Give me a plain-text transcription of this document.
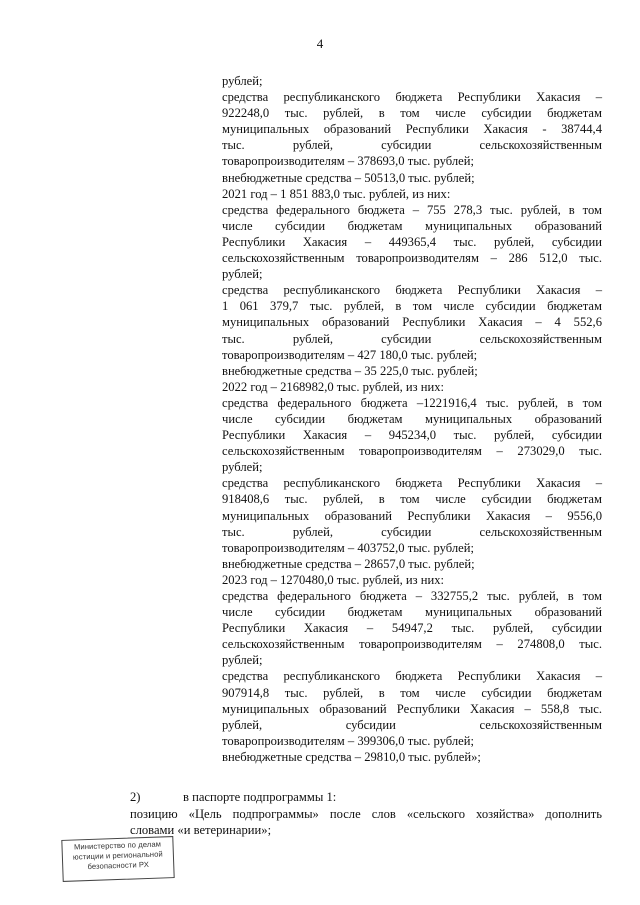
4
рублей;
средства республиканского бюджета Республики Хакасия –
922248,0 тыс. рублей, в том числе субсидии бюджетам
муниципальных образований Республики Хакасия - 38744,4
тыс. рублей, субсидии сельскохозяйственным
товаропроизводителям – 378693,0 тыс. рублей;
внебюджетные средства – 50513,0 тыс. рублей;
2021 год – 1 851 883,0 тыс. рублей, из них:
средства федерального бюджета – 755 278,3 тыс. рублей, в том
числе субсидии бюджетам муниципальных образований
Республики Хакасия – 449365,4 тыс. рублей, субсидии
сельскохозяйственным товаропроизводителям – 286 512,0 тыс.
рублей;
средства республиканского бюджета Республики Хакасия –
1 061 379,7 тыс. рублей, в том числе субсидии бюджетам
муниципальных образований Республики Хакасия – 4 552,6
тыс. рублей, субсидии сельскохозяйственным
товаропроизводителям – 427 180,0 тыс. рублей;
внебюджетные средства – 35 225,0 тыс. рублей;
2022 год – 2168982,0 тыс. рублей, из них:
средства федерального бюджета –1221916,4 тыс. рублей, в том
числе субсидии бюджетам муниципальных образований
Республики Хакасия – 945234,0 тыс. рублей, субсидии
сельскохозяйственным товаропроизводителям – 273029,0 тыс.
рублей;
средства республиканского бюджета Республики Хакасия –
918408,6 тыс. рублей, в том числе субсидии бюджетам
муниципальных образований Республики Хакасия – 9556,0
тыс. рублей, субсидии сельскохозяйственным
товаропроизводителям – 403752,0 тыс. рублей;
внебюджетные средства – 28657,0 тыс. рублей;
2023 год – 1270480,0 тыс. рублей, из них:
средства федерального бюджета – 332755,2 тыс. рублей, в том
числе субсидии бюджетам муниципальных образований
Республики Хакасия – 54947,2 тыс. рублей, субсидии
сельскохозяйственным товаропроизводителям – 274808,0 тыс.
рублей;
средства республиканского бюджета Республики Хакасия –
907914,8 тыс. рублей, в том числе субсидии бюджетам
муниципальных образований Республики Хакасия – 558,8 тыс.
рублей, субсидии сельскохозяйственным
товаропроизводителям – 399306,0 тыс. рублей;
внебюджетные средства – 29810,0 тыс. рублей»;
2)	в паспорте подпрограммы 1:
позицию «Цель подпрограммы» после слов «сельского хозяйства» дополнить
словами «и ветеринарии»;
Министерство по делам
юстиции и региональной
безопасности РХ
